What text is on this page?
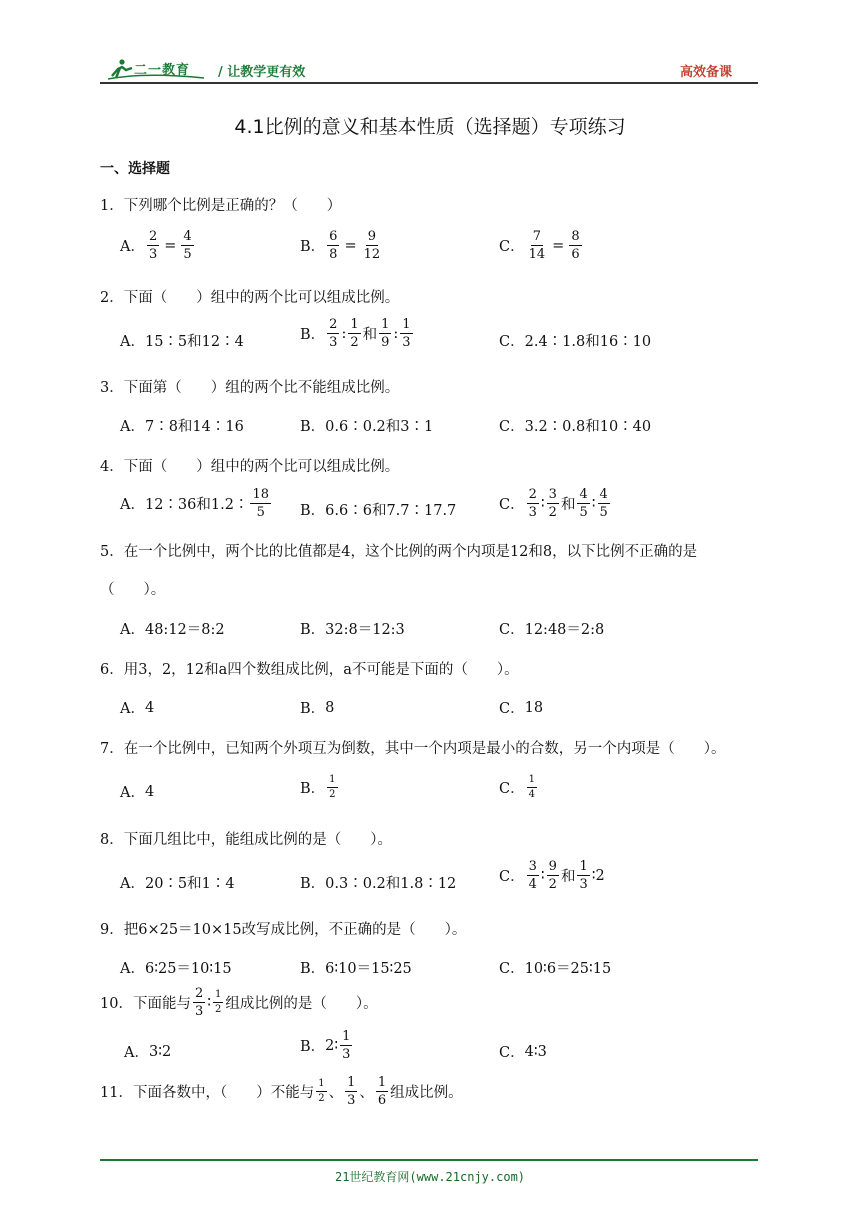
二一教育 / 让教学更有效	高效备课
4.1比例的意义和基本性质（选择题）专项练习
一、选择题
1．下列哪个比例是正确的？（　　）
A． $\frac{2}{3} = \frac{4}{5}$	B． $\frac{6}{8} = \frac{9}{12}$	C． $\frac{7}{14} = \frac{8}{6}$
2．下面（　　）组中的两个比可以组成比例。
A． 15∶5和12∶4	B． $\frac{2}{3}$ : $\frac{1}{2}$ 和 $\frac{1}{9}$ : $\frac{1}{3}$	C． 2.4∶1.8和16∶10
3．下面第（　　）组的两个比不能组成比例。
A． 7∶8和14∶16	B． 0.6∶0.2和3∶1	C． 3.2∶0.8和10∶40
4．下面（　　）组中的两个比可以组成比例。
A． 12∶36和1.2∶ $\frac{18}{5}$ B． 6.6∶6和7.7∶17.7	C． $\frac{2}{3}$ ∶ $\frac{3}{2}$ 和 $\frac{4}{5}$ ∶ $\frac{4}{5}$
5．在一个比例中，两个比的比值都是4，这个比例的两个内项是12和8，以下比例不正确的是
（　　）。
A． 48:12＝8:2	B． 32:8＝12:3	C． 12:48＝2:8
6．用3，2，12和a四个数组成比例，a不可能是下面的（　　）。
A． 4	B． 8	C． 18
7．在一个比例中，已知两个外项互为倒数，其中一个内项是最小的合数，另一个内项是（　　）。
A． 4	B． $\frac{1}{2}$	C． $\frac{1}{4}$
8．下面几组比中，能组成比例的是（　　）。
A． 20∶5和1∶4	B． 0.3∶0.2和1.8∶12	C． $\frac{3}{4}$ ∶ $\frac{9}{2}$ 和 $\frac{1}{3}$ ∶2
9．把6×25＝10×15改写成比例，不正确的是（　　）。
A． 6∶25＝10∶15	B． 6∶10＝15∶25	C． 10∶6＝25∶15
10．下面能与 $\frac{2}{3}$ ∶ $\frac{1}{2}$ 组成比例的是（　　）。
A． 3∶2	B． 2∶ $\frac{1}{3}$	C． 4∶3
11．下面各数中，（　　）不能与 $\frac{1}{2}$ 、 $\frac{1}{3}$ 、 $\frac{1}{6}$ 组成比例。
21世纪教育网(www.21cnjy.com)
